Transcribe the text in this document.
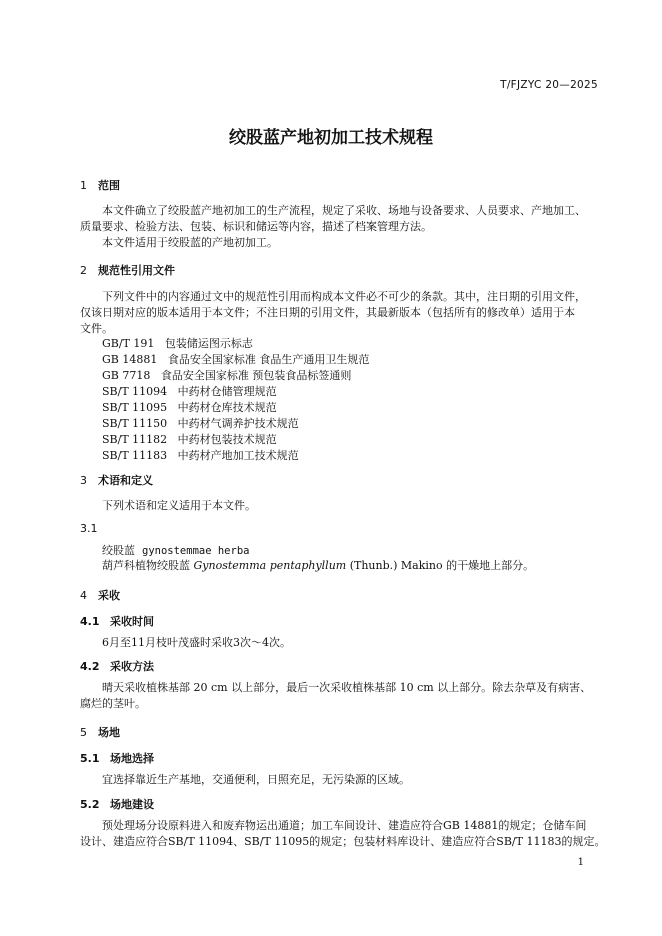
T/FJZYC 20—2025
绞股蓝产地初加工技术规程
1 范围
本文件确立了绞股蓝产地初加工的生产流程，规定了采收、场地与设备要求、人员要求、产地加工、
质量要求、检验方法、包装、标识和储运等内容，描述了档案管理方法。
本文件适用于绞股蓝的产地初加工。
2 规范性引用文件
下列文件中的内容通过文中的规范性引用而构成本文件必不可少的条款。其中，注日期的引用文件，
仅该日期对应的版本适用于本文件；不注日期的引用文件，其最新版本（包括所有的修改单）适用于本
文件。
GB/T 191 包装储运图示标志
GB 14881 食品安全国家标准 食品生产通用卫生规范
GB 7718 食品安全国家标准 预包装食品标签通则
SB/T 11094 中药材仓储管理规范
SB/T 11095 中药材仓库技术规范
SB/T 11150 中药材气调养护技术规范
SB/T 11182 中药材包装技术规范
SB/T 11183 中药材产地加工技术规范
3 术语和定义
下列术语和定义适用于本文件。
3.1
绞股蓝 gynostemmae herba
葫芦科植物绞股蓝 Gynostemma pentaphyllum (Thunb.) Makino 的干燥地上部分。
4 采收
4.1 采收时间
6月至11月枝叶茂盛时采收3次～4次。
4.2 采收方法
晴天采收植株基部 20 cm 以上部分，最后一次采收植株基部 10 cm 以上部分。除去杂草及有病害、
腐烂的茎叶。
5 场地
5.1 场地选择
宜选择靠近生产基地，交通便利，日照充足，无污染源的区域。
5.2 场地建设
预处理场分设原料进入和废弃物运出通道；加工车间设计、建造应符合GB 14881的规定；仓储车间
设计、建造应符合SB/T 11094、SB/T 11095的规定；包装材料库设计、建造应符合SB/T 11183的规定。
1
